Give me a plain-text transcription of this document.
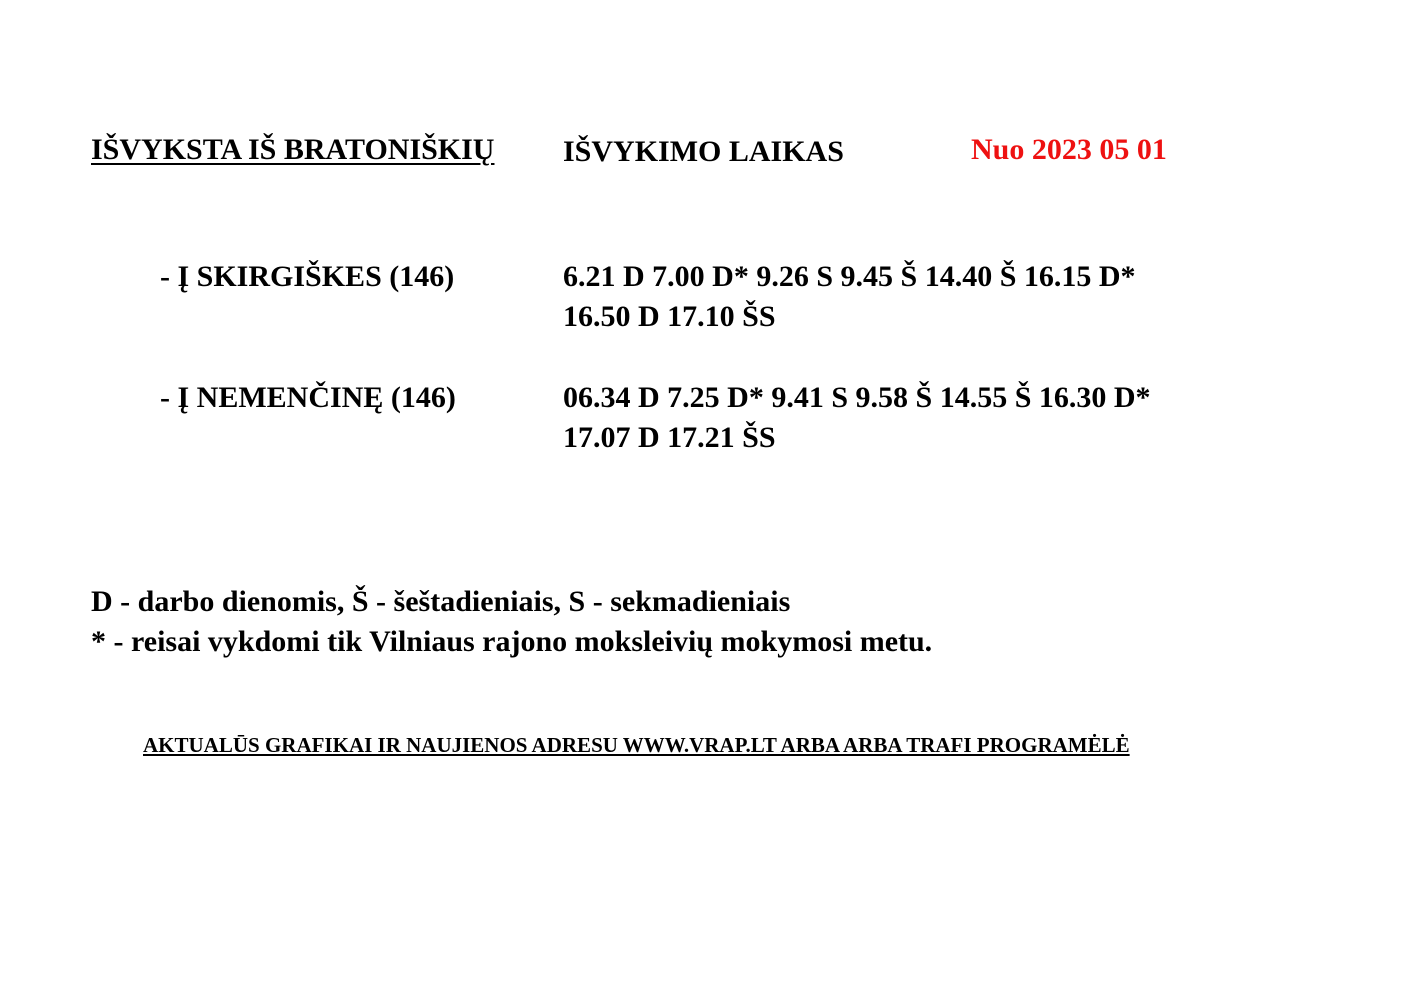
IŠVYKSTA IŠ BRATONIŠKIŲ IŠVYKIMO LAIKAS	Nuo 2023 05 01
- Į SKIRGIŠKES (146)	6.21 D 7.00 D* 9.26 S 9.45 Š 14.40 Š 16.15 D*
16.50 D 17.10 ŠS
- Į NEMENČINĘ (146)	06.34 D 7.25 D* 9.41 S 9.58 Š 14.55 Š 16.30 D*
17.07 D 17.21 ŠS
D - darbo dienomis, Š - šeštadieniais, S - sekmadieniais
* - reisai vykdomi tik Vilniaus rajono moksleivių mokymosi metu.
AKTUALŪS GRAFIKAI IR NAUJIENOS ADRESU WWW.VRAP.LT ARBA ARBA TRAFI PROGRAMĖLĖ
